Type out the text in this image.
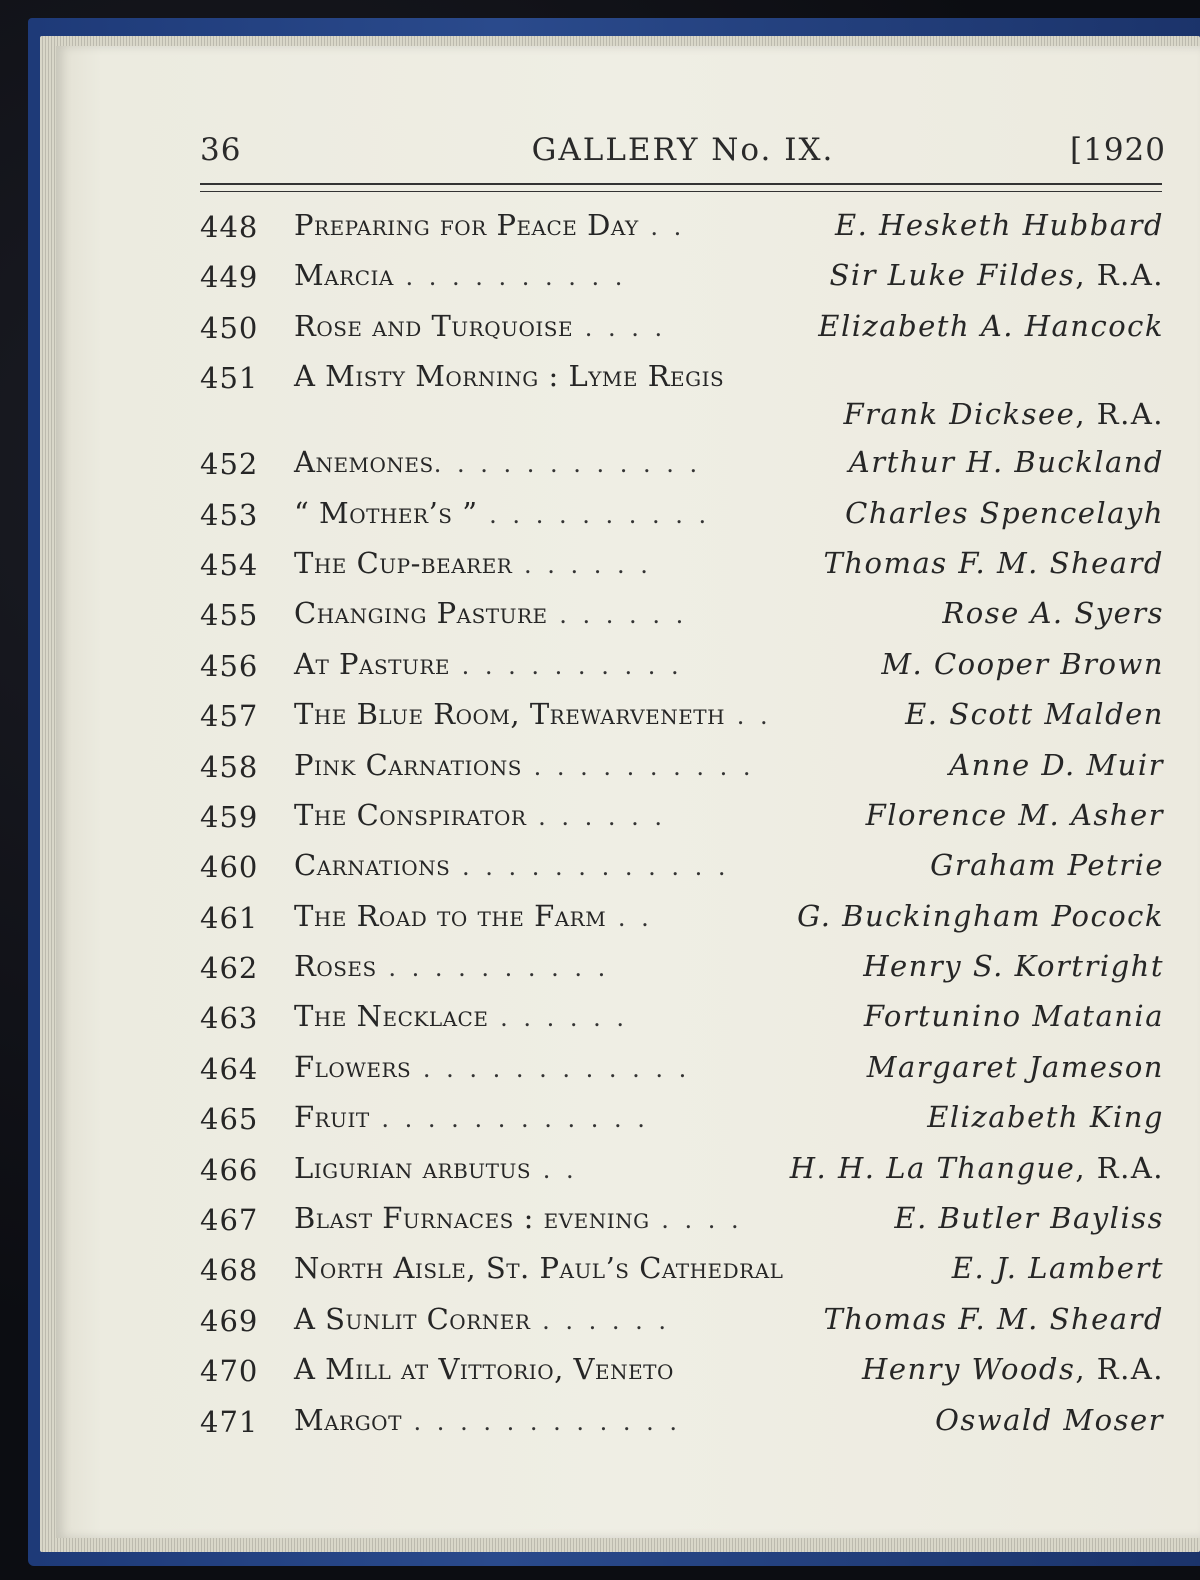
36	GALLERY No. IX.	[1920
448 Preparing for Peace Day . .	E. Hesketh Hubbard
449 Marcia . . . . . . . . . .	Sir Luke Fildes, R.A.
450 Rose and Turquoise . . . .	Elizabeth A. Hancock
451 A Misty Morning : Lyme Regis
Frank Dicksee, R.A.
452 Anemones. . . . . . . . . . . .	Arthur H. Buckland
453 “ Mother’s ” . . . . . . . . . .	Charles Spencelayh
454 The Cup-bearer . . . . . .	Thomas F. M. Sheard
455 Changing Pasture . . . . . .	Rose A. Syers
456 At Pasture . . . . . . . . . .	M. Cooper Brown
457 The Blue Room, Trewarveneth . .	E. Scott Malden
458 Pink Carnations . . . . . . . . . .	Anne D. Muir
459 The Conspirator . . . . . .	Florence M. Asher
460 Carnations . . . . . . . . . . . .	Graham Petrie
461 The Road to the Farm . .	G. Buckingham Pocock
462 Roses . . . . . . . . . .	Henry S. Kortright
463 The Necklace . . . . . .	Fortunino Matania
464 Flowers . . . . . . . . . . . .	Margaret Jameson
465 Fruit . . . . . . . . . . . .	Elizabeth King
466 Ligurian arbutus . .	H. H. La Thangue, R.A.
467 Blast Furnaces : evening . . . .	E. Butler Bayliss
468 North Aisle, St. Paul’s Cathedral	E. J. Lambert
469 A Sunlit Corner . . . . . .	Thomas F. M. Sheard
470 A Mill at Vittorio, Veneto	Henry Woods, R.A.
471 Margot . . . . . . . . . . . .	Oswald Moser
